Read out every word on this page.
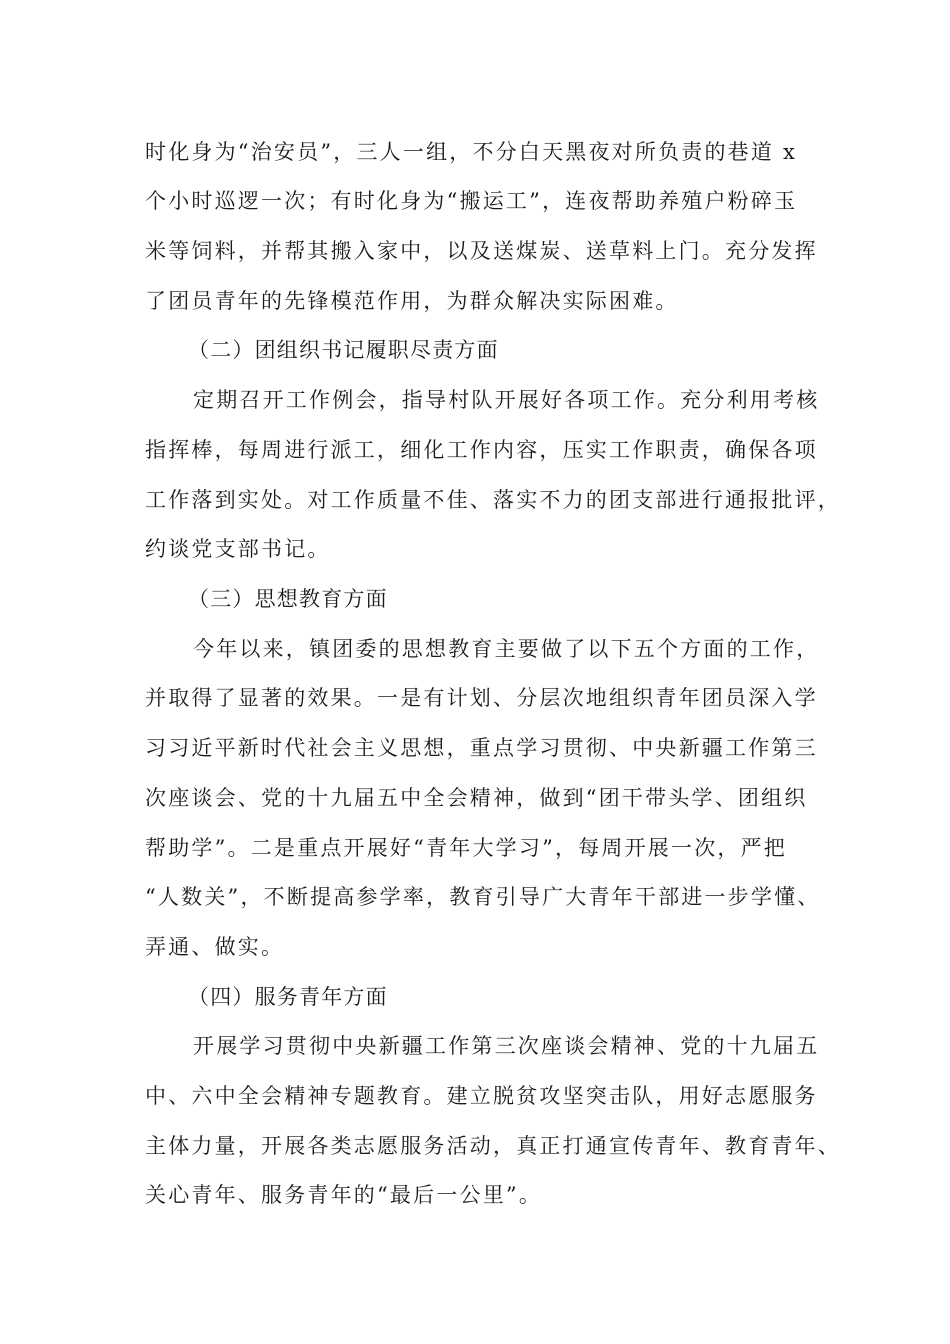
时化身为“治安员”，三人一组，不分白天黑夜对所负责的巷道 x
个小时巡逻一次；有时化身为“搬运工”，连夜帮助养殖户粉碎玉
米等饲料，并帮其搬入家中，以及送煤炭、送草料上门。充分发挥
了团员青年的先锋模范作用，为群众解决实际困难。
（二）团组织书记履职尽责方面
定期召开工作例会，指导村队开展好各项工作。充分利用考核
指挥棒，每周进行派工，细化工作内容，压实工作职责，确保各项
工作落到实处。对工作质量不佳、落实不力的团支部进行通报批评，
约谈党支部书记。
（三）思想教育方面
今年以来，镇团委的思想教育主要做了以下五个方面的工作，
并取得了显著的效果。一是有计划、分层次地组织青年团员深入学
习习近平新时代社会主义思想，重点学习贯彻、中央新疆工作第三
次座谈会、党的十九届五中全会精神，做到“团干带头学、团组织
帮助学”。二是重点开展好“青年大学习”，每周开展一次，严把
“人数关”，不断提高参学率，教育引导广大青年干部进一步学懂、
弄通、做实。
（四）服务青年方面
开展学习贯彻中央新疆工作第三次座谈会精神、党的十九届五
中、六中全会精神专题教育。建立脱贫攻坚突击队，用好志愿服务
主体力量，开展各类志愿服务活动，真正打通宣传青年、教育青年、
关心青年、服务青年的“最后一公里”。
